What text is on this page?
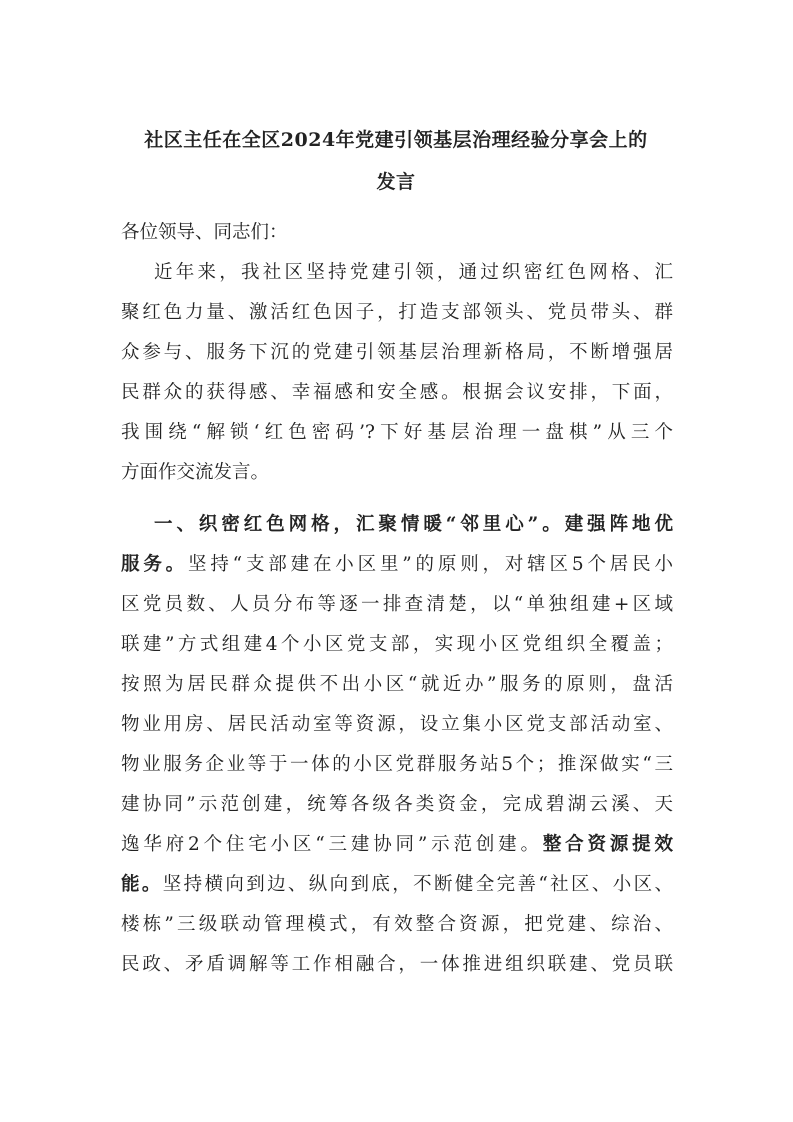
社区主任在全区2024年党建引领基层治理经验分享会上的
发言
各位领导、同志们：
近年来，我社区坚持党建引领，通过织密红色网格、汇
聚红色力量、激活红色因子，打造支部领头、党员带头、群
众参与、服务下沉的党建引领基层治理新格局，不断增强居
民群众的获得感、幸福感和安全感。根据会议安排，下面，
我围绕“解锁‘红色密码’?下好基层治理一盘棋”从三个
方面作交流发言。
一、织密红色网格，汇聚情暖“邻里心”。建强阵地优
服务。坚持“支部建在小区里”的原则，对辖区5个居民小
区党员数、人员分布等逐一排查清楚，以“单独组建+区域
联建”方式组建4个小区党支部，实现小区党组织全覆盖；
按照为居民群众提供不出小区“就近办”服务的原则，盘活
物业用房、居民活动室等资源，设立集小区党支部活动室、
物业服务企业等于一体的小区党群服务站5个；推深做实“三
建协同”示范创建，统筹各级各类资金，完成碧湖云溪、天
逸华府2个住宅小区“三建协同”示范创建。整合资源提效
能。坚持横向到边、纵向到底，不断健全完善“社区、小区、
楼栋”三级联动管理模式，有效整合资源，把党建、综治、
民政、矛盾调解等工作相融合，一体推进组织联建、党员联
